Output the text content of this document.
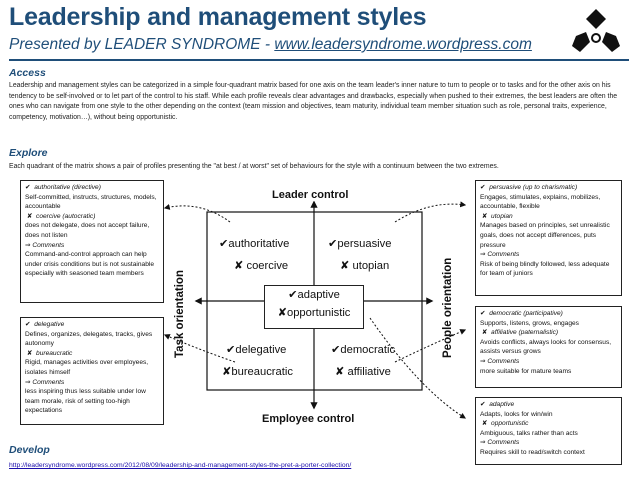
Leadership and management styles
Presented by LEADER SYNDROME - www.leadersyndrome.wordpress.com
Access
Leadership and management styles can be categorized in a simple four-quadrant matrix based for one axis on the team leader's inner nature to turn to people or to tasks and for the other axis on his tendency to be self-involved or to let part of the control to his staff. While each profile reveals clear advantages and drawbacks, especially when pushed to their extremes, the best leaders are often the ones who can navigate from one style to the other depending on the context (team mission and objectives, team maturity, individual team member situation such as role, personal traits, experience, competency, motivation…), without being opportunistic.
Explore
Each quadrant of the matrix shows a pair of profiles presenting the "at best / at worst" set of behaviours for the style with a continuum between the two extremes.
Leader control
Employee control
Task orientation	People orientation
✔authoritative
✘ coercive
✔persuasive
✘ utopian
✔adaptive
✘opportunistic
✔delegative
✘bureaucratic
✔democratic
✘ affiliative
✔ authoritative (directive)
Self-committed, instructs, structures, models, accountable
✘ coercive (autocratic)
does not delegate, does not accept failure, does not listen
⇒ Comments
Command-and-control approach can help under crisis conditions but is not sustainable especially with seasoned team members
✔ delegative
Defines, organizes, delegates, tracks, gives autonomy
✘ bureaucratic
Rigid, manages activities over employees, isolates himself
⇒ Comments
less inspiring thus less suitable under low team morale, risk of setting too-high expectations
✔ persuasive (up to charismatic)
Engages, stimulates, explains, mobilizes, accountable, flexible
✘ utopian
Manages based on principles, set unrealistic goals, does not accept differences, puts pressure
⇒ Comments
Risk of being blindly followed, less adequate for team of juniors
✔ democratic (participative)
Supports, listens, grows, engages
✘ affiliative (paternalistic)
Avoids conflicts, always looks for consensus, assists versus grows
⇒ Comments
more suitable for mature teams
✔ adaptive
Adapts, looks for win/win
✘ opportunistic
Ambiguous, talks rather than acts
⇒ Comments
Requires skill to read/switch context
Develop
http://leadersyndrome.wordpress.com/2012/08/09/leadership-and-management-styles-the-pret-a-porter-collection/
